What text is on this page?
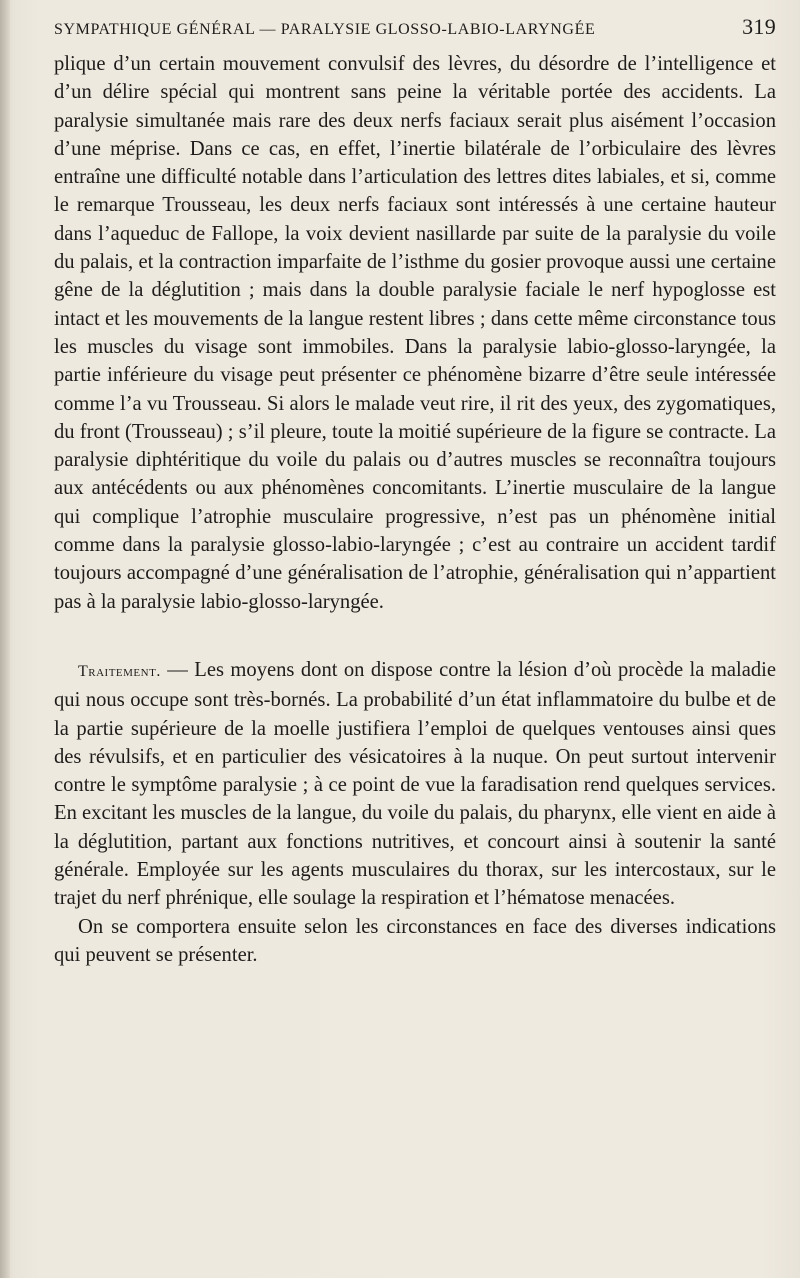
SYMPATHIQUE GÉNÉRAL — PARALYSIE GLOSSO-LABIO-LARYNGÉE	319

plique d’un certain mouvement convulsif des lèvres, du désordre de l’intelligence et d’un délire spécial qui montrent sans peine la véritable portée des accidents. La paralysie simultanée mais rare des deux nerfs faciaux serait plus aisément l’occasion d’une méprise. Dans ce cas, en effet, l’inertie bilatérale de l’orbiculaire des lèvres entraîne une difficulté notable dans l’articulation des lettres dites labiales, et si, comme le remarque Trousseau, les deux nerfs faciaux sont intéressés à une certaine hauteur dans l’aqueduc de Fallope, la voix devient nasillarde par suite de la paralysie du voile du palais, et la contraction imparfaite de l’isthme du gosier provoque aussi une certaine gêne de la déglutition ; mais dans la double paralysie faciale le nerf hypoglosse est intact et les mouvements de la langue restent libres ; dans cette même circonstance tous les muscles du visage sont immobiles. Dans la paralysie labio-glosso-laryngée, la partie inférieure du visage peut présenter ce phénomène bizarre d’être seule intéressée comme l’a vu Trousseau. Si alors le malade veut rire, il rit des yeux, des zygomatiques, du front (Trousseau) ; s’il pleure, toute la moitié supérieure de la figure se contracte. La paralysie diphtéritique du voile du palais ou d’autres muscles se reconnaîtra toujours aux antécédents ou aux phénomènes concomitants. L’inertie musculaire de la langue qui complique l’atrophie musculaire progressive, n’est pas un phénomène initial comme dans la paralysie glosso-labio-laryngée ; c’est au contraire un accident tardif toujours accompagné d’une généralisation de l’atrophie, généralisation qui n’appartient pas à la paralysie labio-glosso-laryngée.

Traitement. — Les moyens dont on dispose contre la lésion d’où procède la maladie qui nous occupe sont très-bornés. La probabilité d’un état inflammatoire du bulbe et de la partie supérieure de la moelle justifiera l’emploi de quelques ventouses ainsi ques des révulsifs, et en particulier des vésicatoires à la nuque. On peut surtout intervenir contre le symptôme paralysie ; à ce point de vue la faradisation rend quelques services. En excitant les muscles de la langue, du voile du palais, du pharynx, elle vient en aide à la déglutition, partant aux fonctions nutritives, et concourt ainsi à soutenir la santé générale. Employée sur les agents musculaires du thorax, sur les intercostaux, sur le trajet du nerf phrénique, elle soulage la respiration et l’hématose menacées.

On se comportera ensuite selon les circonstances en face des diverses indications qui peuvent se présenter.
